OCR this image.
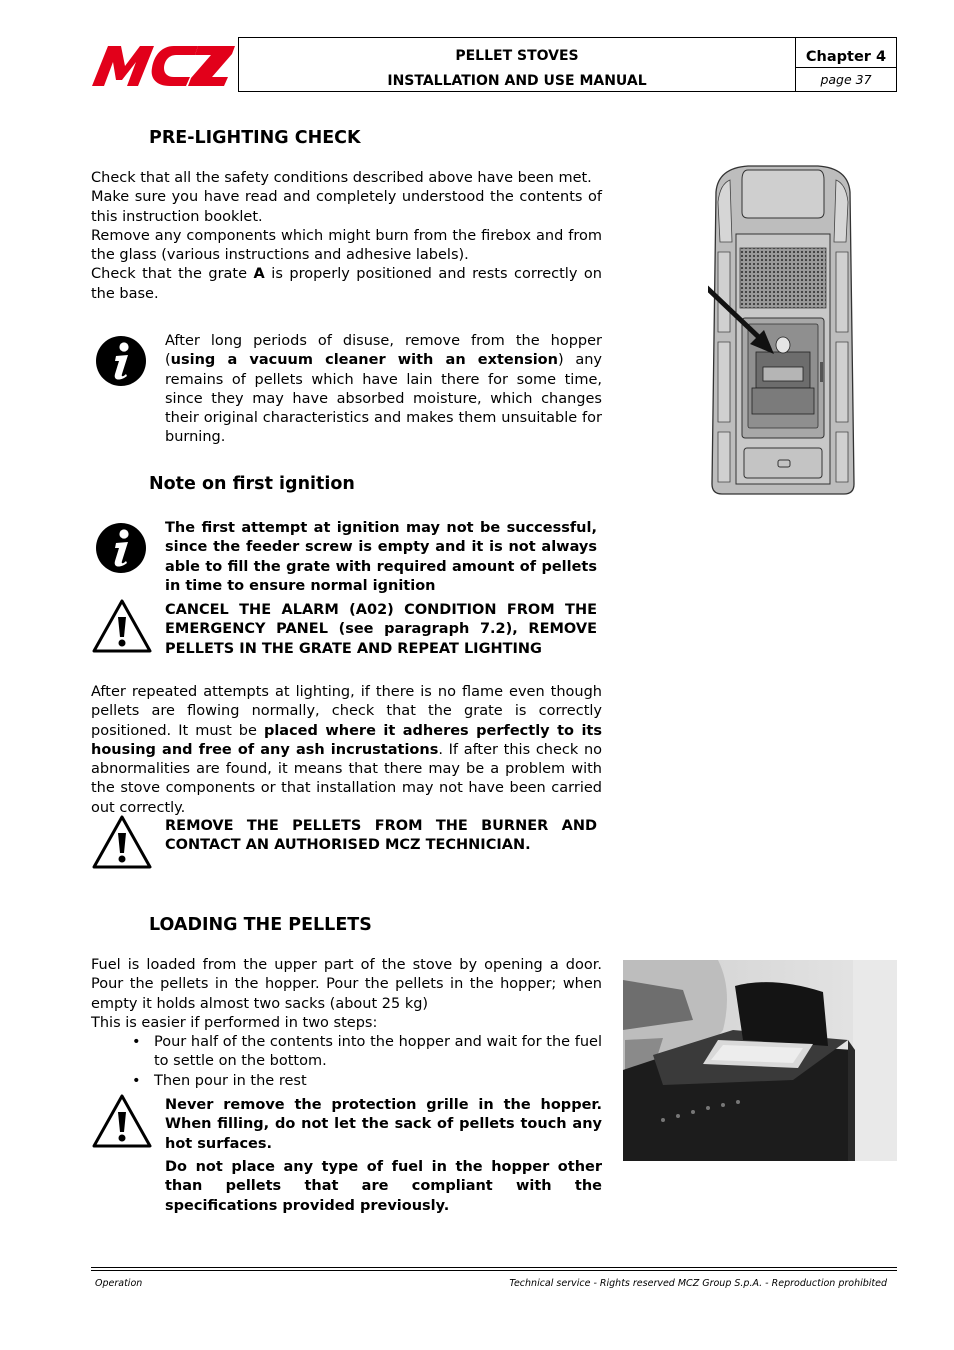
PELLET STOVES
INSTALLATION AND USE MANUAL
Chapter 4
page 37
PRE-LIGHTING CHECK

Check that all the safety conditions described above have been met.

Make sure you have read and completely understood the contents of this instruction booklet.

Remove any components which might burn from the firebox and from the glass (various instructions and adhesive labels).

Check that the grate A is properly positioned and rests correctly on the base.

After long periods of disuse, remove from the hopper (using a vacuum cleaner with an extension) any remains of pellets which have lain there for some time, since they may have absorbed moisture, which changes their original characteristics and makes them unsuitable for burning.
Note on first ignition
The first attempt at ignition may not be successful, since the feeder screw is empty and it is not always able to fill the grate with required amount of pellets in time to ensure normal ignition
CANCEL THE ALARM (A02) CONDITION FROM THE EMERGENCY PANEL (see paragraph 7.2), REMOVE PELLETS IN THE GRATE AND REPEAT LIGHTING
After repeated attempts at lighting, if there is no flame even though pellets are flowing normally, check that the grate is correctly positioned. It must be placed where it adheres perfectly to its housing and free of any ash incrustations. If after this check no abnormalities are found, it means that there may be a problem with the stove components or that installation may not have been carried out correctly.
REMOVE THE PELLETS FROM THE BURNER AND CONTACT AN AUTHORISED MCZ TECHNICIAN.
LOADING THE PELLETS

Fuel is loaded from the upper part of the stove by opening a door. Pour the pellets in the hopper. Pour the pellets in the hopper; when empty it holds almost two sacks (about 25 kg)

This is easier if performed in two steps:

• Pour half of the contents into the hopper and wait for the fuel to settle on the bottom.
• Then pour in the rest
Never remove the protection grille in the hopper. When filling, do not let the sack of pellets touch any hot surfaces.
Do not place any type of fuel in the hopper other than pellets that are compliant with the specifications provided previously.
Operation	Technical service - Rights reserved MCZ Group S.p.A. - Reproduction prohibited
